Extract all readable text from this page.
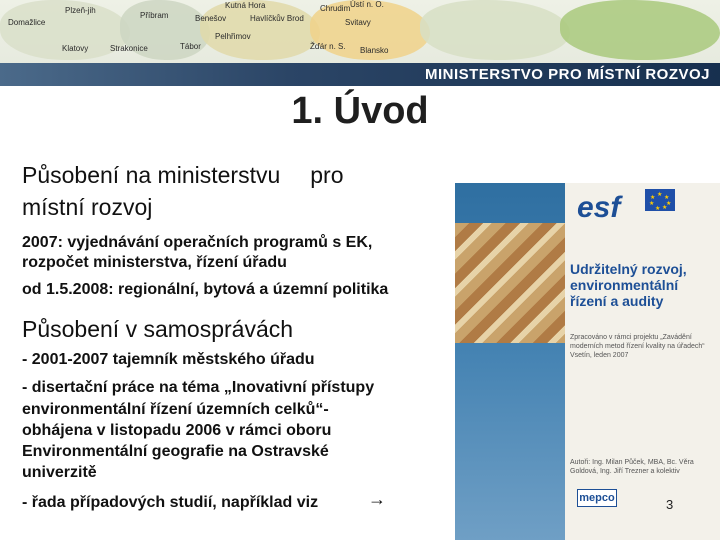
Plzeň-jih
Příbram	Benešov
Kutná Hora	Chrudim Ústí n. O.
Domažlice	Havlíčkův Brod	Svitavy
Pelhřimov
Klatovy	Strakonice	Tábor	Žďár n. S. Blansko
MINISTERSTVO PRO MÍSTNÍ ROZVOJ
1. Úvod
Působení na ministerstvu pro
místní rozvoj
2007: vyjednávání operačních programů s EK,
rozpočet ministerstva, řízení úřadu
od 1.5.2008: regionální, bytová a územní politika
Působení v samosprávách
- 2001-2007 tajemník městského úřadu
- disertační práce na téma „Inovativní přístupy
environmentální řízení územních celků“-
obhájena v listopadu 2006 v rámci oboru
Environmentální geografie na Ostravské
univerzitě
- řada případových studií, například viz	→
esf	★ ★
★
★
★
★
★
Udržitelný rozvoj, environmentální řízení a audity
Zpracováno v rámci projektu „Zavádění moderních metod řízení kvality na úřadech“ Vsetín, leden 2007
Autoři: Ing. Milan Půček, MBA, Bc. Věra Goldová, Ing. Jiří Trezner a kolektiv
mepco	3
